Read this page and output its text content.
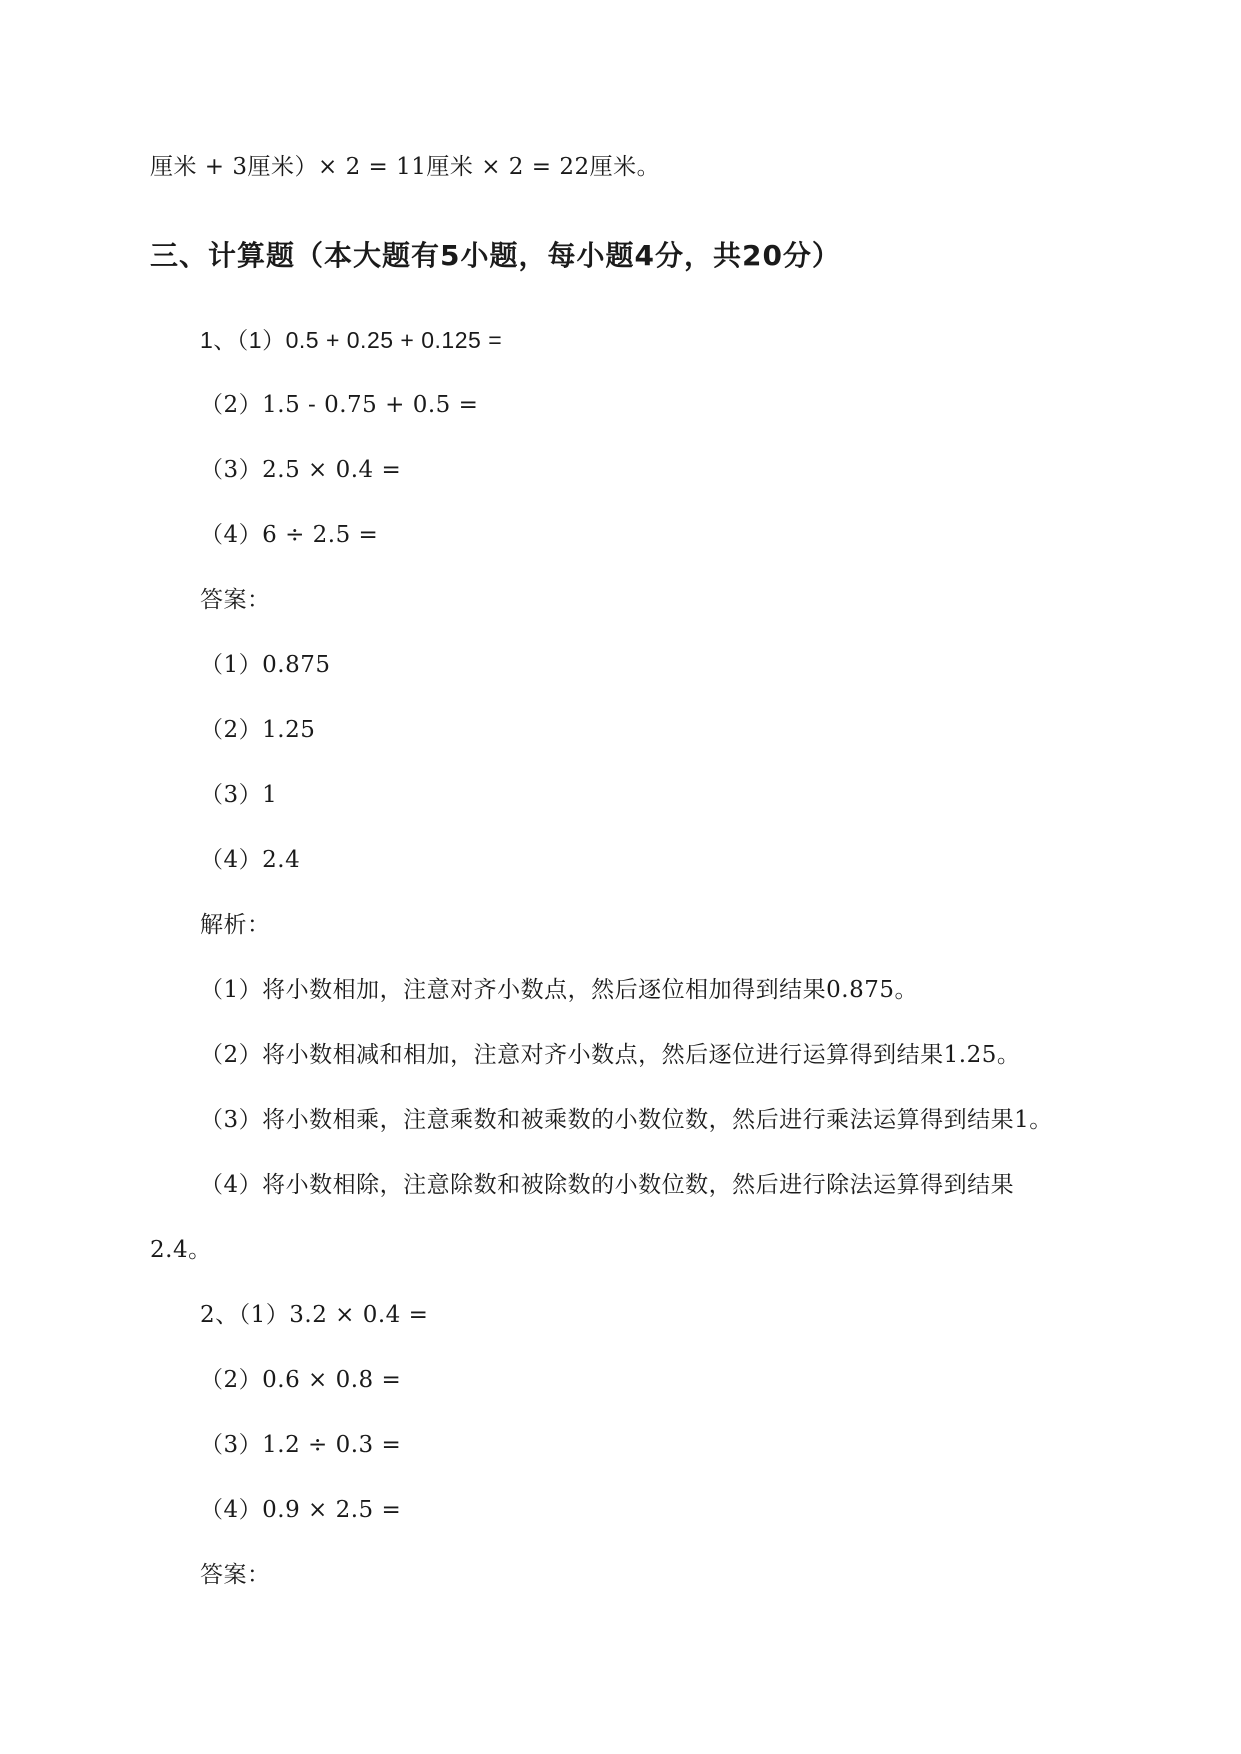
厘米 + 3厘米）× 2 = 11厘米 × 2 = 22厘米。
三、计算题（本大题有5小题，每小题4分，共20分）
1、（1）0.5 + 0.25 + 0.125 =
（2）1.5 - 0.75 + 0.5 =
（3）2.5 × 0.4 =
（4）6 ÷ 2.5 =
答案：
（1）0.875
（2）1.25
（3）1
（4）2.4
解析：
（1）将小数相加，注意对齐小数点，然后逐位相加得到结果0.875。
（2）将小数相减和相加，注意对齐小数点，然后逐位进行运算得到结果1.25。
（3）将小数相乘，注意乘数和被乘数的小数位数，然后进行乘法运算得到结果1。
（4）将小数相除，注意除数和被除数的小数位数，然后进行除法运算得到结果
2.4。
2、（1）3.2 × 0.4 =
（2）0.6 × 0.8 =
（3）1.2 ÷ 0.3 =
（4）0.9 × 2.5 =
答案：
